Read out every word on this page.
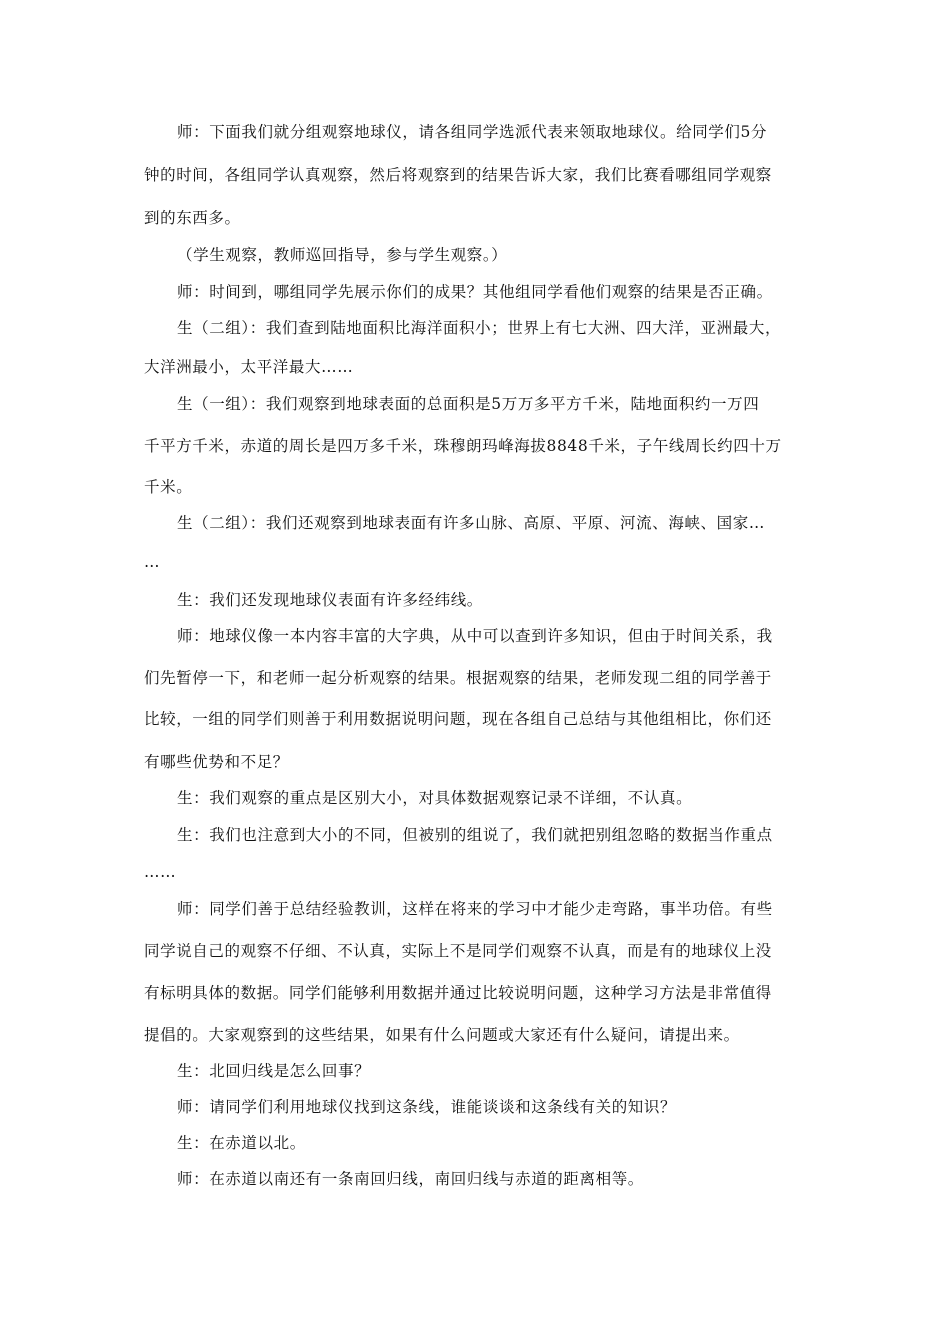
师：下面我们就分组观察地球仪，请各组同学选派代表来领取地球仪。给同学们5分
钟的时间，各组同学认真观察，然后将观察到的结果告诉大家，我们比赛看哪组同学观察
到的东西多。
（学生观察，教师巡回指导，参与学生观察。）
师：时间到，哪组同学先展示你们的成果？其他组同学看他们观察的结果是否正确。
生（二组）：我们查到陆地面积比海洋面积小；世界上有七大洲、四大洋，亚洲最大，
大洋洲最小，太平洋最大……
生（一组）：我们观察到地球表面的总面积是5万万多平方千米，陆地面积约一万四
千平方千米，赤道的周长是四万多千米，珠穆朗玛峰海拔8848千米，子午线周长约四十万
千米。
生（二组）：我们还观察到地球表面有许多山脉、高原、平原、河流、海峡、国家…
…
生：我们还发现地球仪表面有许多经纬线。
师：地球仪像一本内容丰富的大字典，从中可以查到许多知识，但由于时间关系，我
们先暂停一下，和老师一起分析观察的结果。根据观察的结果，老师发现二组的同学善于
比较，一组的同学们则善于利用数据说明问题，现在各组自己总结与其他组相比，你们还
有哪些优势和不足？
生：我们观察的重点是区别大小，对具体数据观察记录不详细，不认真。
生：我们也注意到大小的不同，但被别的组说了，我们就把别组忽略的数据当作重点
……
师：同学们善于总结经验教训，这样在将来的学习中才能少走弯路，事半功倍。有些
同学说自己的观察不仔细、不认真，实际上不是同学们观察不认真，而是有的地球仪上没
有标明具体的数据。同学们能够利用数据并通过比较说明问题，这种学习方法是非常值得
提倡的。大家观察到的这些结果，如果有什么问题或大家还有什么疑问，请提出来。
生：北回归线是怎么回事？
师：请同学们利用地球仪找到这条线，谁能谈谈和这条线有关的知识？
生：在赤道以北。
师：在赤道以南还有一条南回归线，南回归线与赤道的距离相等。
